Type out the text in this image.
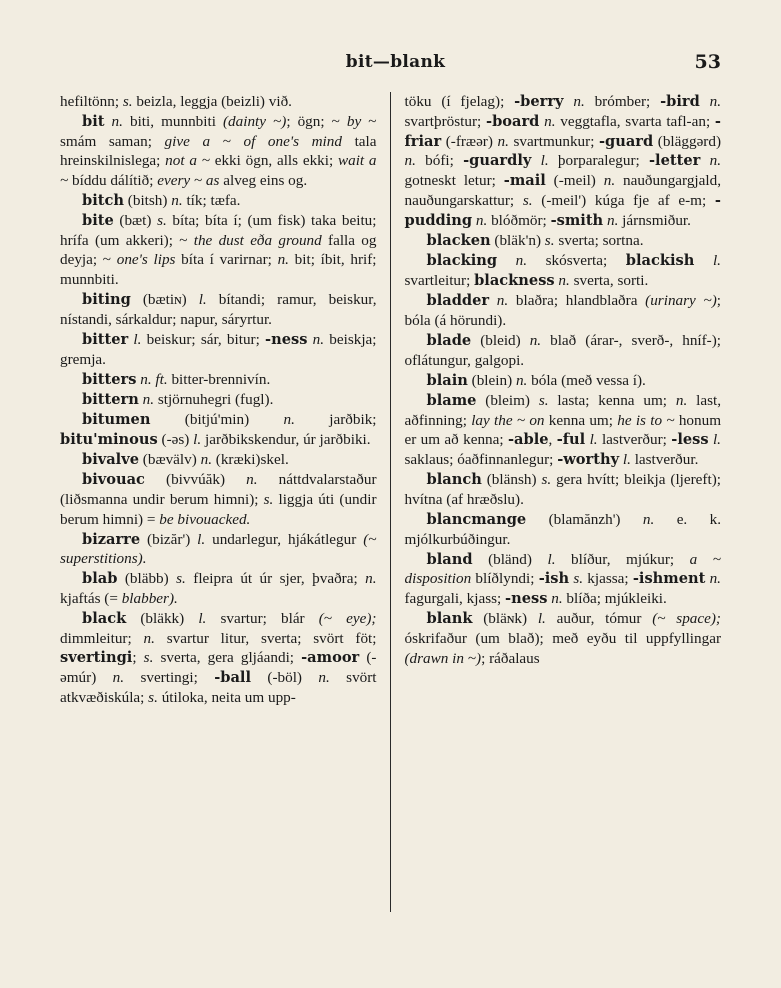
bit—blank	53

hefiltönn; s. beizla, leggja (beizli) við.

bit n. biti, munnbiti (dainty ~); ögn; ~ by ~ smám saman; give a ~ of one's mind tala hreinskilnislega; not a ~ ekki ögn, alls ekki; wait a ~ bíddu dálítið; every ~ as alveg eins og.

bitch (bitsh) n. tík; tæfa.

bite (bæt) s. bíta; bíta í; (um fisk) taka beitu; hrífa (um akkeri); ~ the dust eða ground falla og deyja; ~ one's lips bíta í varirnar; n. bit; íbit, hrif; munnbiti.

biting (bætiɴ) l. bítandi; ramur, beiskur, nístandi, sárkaldur; napur, sáryrtur.

bitter l. beiskur; sár, bitur; -ness n. beiskja; gremja.

bitters n. ft. bitter-brennivín.

bittern n. stjörnuhegri (fugl).

bitumen (bitjú'min) n. jarðbik; bitu'minous (-əs) l. jarðbikskendur, úr jarðbiki.

bivalve (bævälv) n. (kræki)skel.

bivouac (bivvúăk) n. náttdvalarstaður (liðsmanna undir berum himni); s. liggja úti (undir berum himni) = be bivouacked.

bizarre (bizăr') l. undarlegur, hjákátlegur (~ superstitions).

blab (bläbb) s. fleipra út úr sjer, þvaðra; n. kjaftás (= blabber).

black (bläkk) l. svartur; blár (~ eye); dimmleitur; n. svartur litur, sverta; svört föt; svertingi; s. sverta, gera gljáandi; -amoor (-əmúr) n. svertingi; -ball (-böl) n. svört atkvæðiskúla; s. útiloka, neita um upp-

töku (í fjelag); -berry n. brómber; -bird n. svartþröstur; -board n. veggtafla, svarta tafl-an; -friar (-fræər) n. svartmunkur; -guard (bläggərd) n. bófi; -guardly l. þorparalegur; -letter n. gotneskt letur; -mail (-meil) n. nauðungargjald, nauðungarskattur; s. (-meil') kúga fje af e-m; -pudding n. blóðmör; -smith n. járnsmiður.

blacken (bläk'n) s. sverta; sortna.

blacking n. skósverta; blackish l. svartleitur; blackness n. sverta, sorti.

bladder n. blaðra; hlandblaðra (urinary ~); bóla (á hörundi).

blade (bleid) n. blað (árar-, sverð-, hníf-); oflátungur, galgopi.

blain (blein) n. bóla (með vessa í).

blame (bleim) s. lasta; kenna um; n. last, aðfinning; lay the ~ on kenna um; he is to ~ honum er um að kenna; -able, -ful l. lastverður; -less l. saklaus; óaðfinnanlegur; -worthy l. lastverður.

blanch (blänsh) s. gera hvítt; bleikja (ljereft); hvítna (af hræðslu).

blancmange (blamănzh') n. e. k. mjólkurbúðingur.

bland (bländ) l. blíður, mjúkur; a ~ disposition blíðlyndi; -ish s. kjassa; -ishment n. fagurgali, kjass; -ness n. blíða; mjúkleiki.

blank (bläɴk) l. auður, tómur (~ space); óskrifaður (um blað); með eyðu til uppfyllingar (drawn in ~); ráðalaus
